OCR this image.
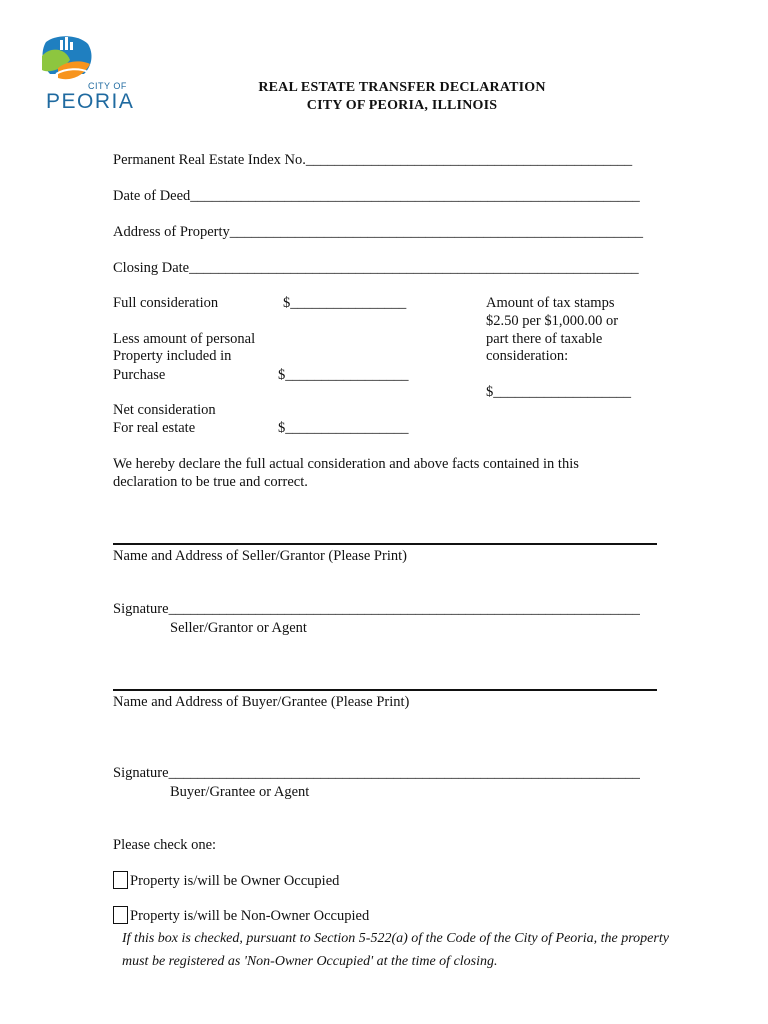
CITY OF
PEORIA
REAL ESTATE TRANSFER DECLARATION
CITY OF PEORIA, ILLINOIS
Permanent Real Estate Index No._____________________________________________
Date of Deed______________________________________________________________
Address of Property_________________________________________________________
Closing Date______________________________________________________________
Full consideration	$________________
Less amount of personal
Property included in
Purchase	$_________________
Net consideration
For real estate	$_________________
Amount of tax stamps
$2.50 per $1,000.00 or
part there of taxable
consideration:
$___________________
We hereby declare the full actual consideration and above facts contained in this
declaration to be true and correct.
Name and Address of Seller/Grantor (Please Print)
Signature_________________________________________________________________
Seller/Grantor or Agent
Name and Address of Buyer/Grantee (Please Print)
Signature_________________________________________________________________
Buyer/Grantee or Agent
Please check one:
Property is/will be Owner Occupied
Property is/will be Non-Owner Occupied
If this box is checked, pursuant to Section 5-522(a) of the Code of the City of Peoria, the property
must be registered as 'Non-Owner Occupied' at the time of closing.
